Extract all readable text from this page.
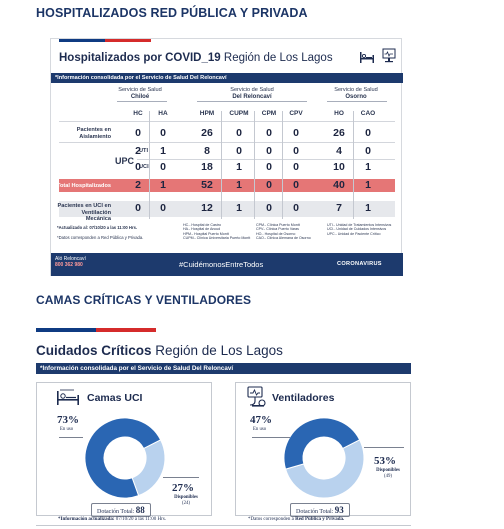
HOSPITALIZADOS RED PÚBLICA Y PRIVADA
Hospitalizados por COVID_19 Región de Los Lagos
*Información consolidada por el Servicio de Salud Del Reloncaví
Servicio de Salud
Chiloé
Servicio de Salud
Del Reloncaví
Servicio de Salud
Osorno
HC	HA	HPM	CUPM	CPM	CPV	HO	CAO
Pacientes en
Aislamiento	0	0	26	0	0	0	26	0
UPC
UTI
UCI
2	1	8	0	0	0	4	0
0	0	18	1	0	0	10	1
Total Hospitalizados	2	1	52	1	0	0	40	1
Pacientes en UCI en
Ventilación Mecánica
0	0	12	1	0	0	7	1
*Actualizado al: 07/10/20 a las 11:00 Hrs.
*Datos corresponden a Red Pública y Privada.
HC.- Hospital de Castro
HA.- Hospital de Ancud
HPM.- Hospital Puerto Montt
CUPM.- Clínica Universitaria Puerto Montt
CPM.- Clínica Puerto Montt
CPV.- Clínica Puerto Varas
HO.- Hospital de Osorno
CAO.- Clínica Alemana de Osorno
UTI.- Unidad de Tratamientos Intensivos
UCI.- Unidad de Cuidados Intensivos
UPC.- Unidad de Paciente Crítico
Aló Reloncaví
800 362 980	#CuidémonosEntreTodos	CORONAVIRUS
CAMAS CRÍTICAS Y VENTILADORES
Cuidados Críticos Región de Los Lagos
*Información consolidada por el Servicio de Salud Del Reloncaví
Camas UCI
73%
En uso
27%
Disponibles
(24)
Dotación Total: 88
Ventiladores
47%
En uso
53%
Disponibles
(49)
Dotación Total: 93
*Información actualizada: 07/10/20 a las 11:00 Hrs.	*Datos corresponden a Red Pública y Privada.
